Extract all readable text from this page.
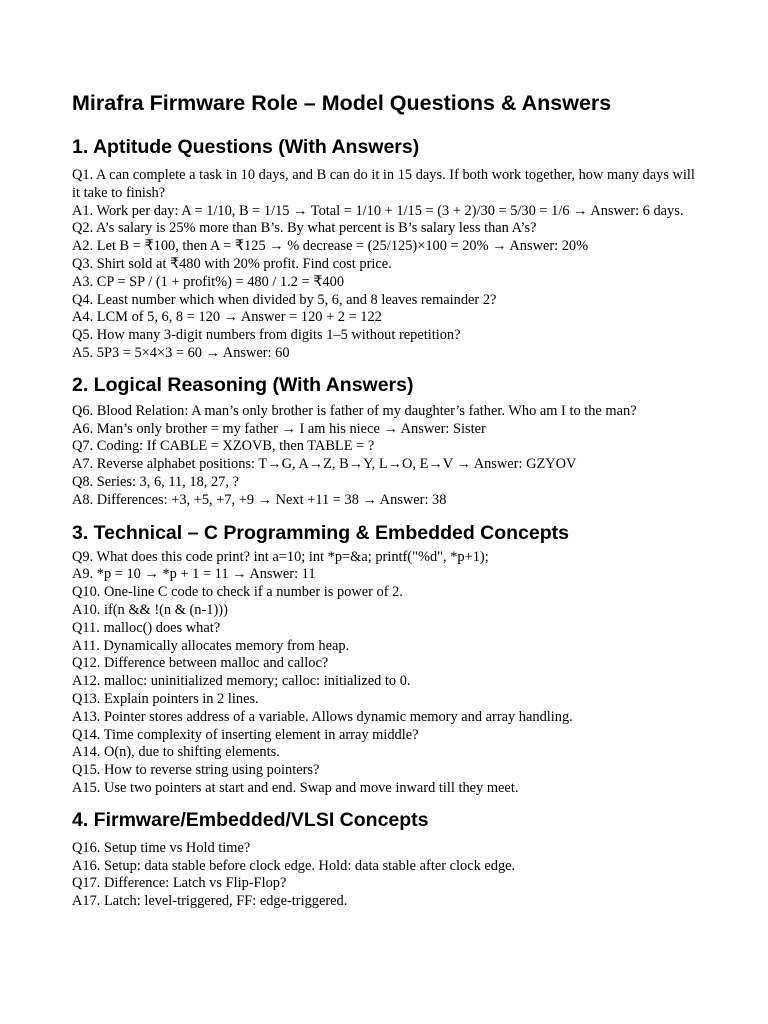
Mirafra Firmware Role – Model Questions & Answers
1. Aptitude Questions (With Answers)

Q1. A can complete a task in 10 days, and B can do it in 15 days. If both work together, how many days will it take to finish?

A1. Work per day: A = 1/10, B = 1/15 → Total = 1/10 + 1/15 = (3 + 2)/30 = 5/30 = 1/6 → Answer: 6 days.

Q2. A’s salary is 25% more than B’s. By what percent is B’s salary less than A’s?

A2. Let B = ₹100, then A = ₹125 → % decrease = (25/125)×100 = 20% → Answer: 20%

Q3. Shirt sold at ₹480 with 20% profit. Find cost price.

A3. CP = SP / (1 + profit%) = 480 / 1.2 = ₹400

Q4. Least number which when divided by 5, 6, and 8 leaves remainder 2?

A4. LCM of 5, 6, 8 = 120 → Answer = 120 + 2 = 122

Q5. How many 3-digit numbers from digits 1–5 without repetition?

A5. 5P3 = 5×4×3 = 60 → Answer: 60

2. Logical Reasoning (With Answers)

Q6. Blood Relation: A man’s only brother is father of my daughter’s father. Who am I to the man?

A6. Man’s only brother = my father → I am his niece → Answer: Sister

Q7. Coding: If CABLE = XZOVB, then TABLE = ?

A7. Reverse alphabet positions: T→G, A→Z, B→Y, L→O, E→V → Answer: GZYOV

Q8. Series: 3, 6, 11, 18, 27, ?

A8. Differences: +3, +5, +7, +9 → Next +11 = 38 → Answer: 38

3. Technical – C Programming & Embedded Concepts

Q9. What does this code print? int a=10; int *p=&a; printf("%d", *p+1);

A9. *p = 10 → *p + 1 = 11 → Answer: 11

Q10. One-line C code to check if a number is power of 2.

A10. if(n && !(n & (n-1)))

Q11. malloc() does what?

A11. Dynamically allocates memory from heap.

Q12. Difference between malloc and calloc?

A12. malloc: uninitialized memory; calloc: initialized to 0.

Q13. Explain pointers in 2 lines.

A13. Pointer stores address of a variable. Allows dynamic memory and array handling.

Q14. Time complexity of inserting element in array middle?

A14. O(n), due to shifting elements.

Q15. How to reverse string using pointers?

A15. Use two pointers at start and end. Swap and move inward till they meet.

4. Firmware/Embedded/VLSI Concepts

Q16. Setup time vs Hold time?

A16. Setup: data stable before clock edge. Hold: data stable after clock edge.

Q17. Difference: Latch vs Flip-Flop?

A17. Latch: level-triggered, FF: edge-triggered.
